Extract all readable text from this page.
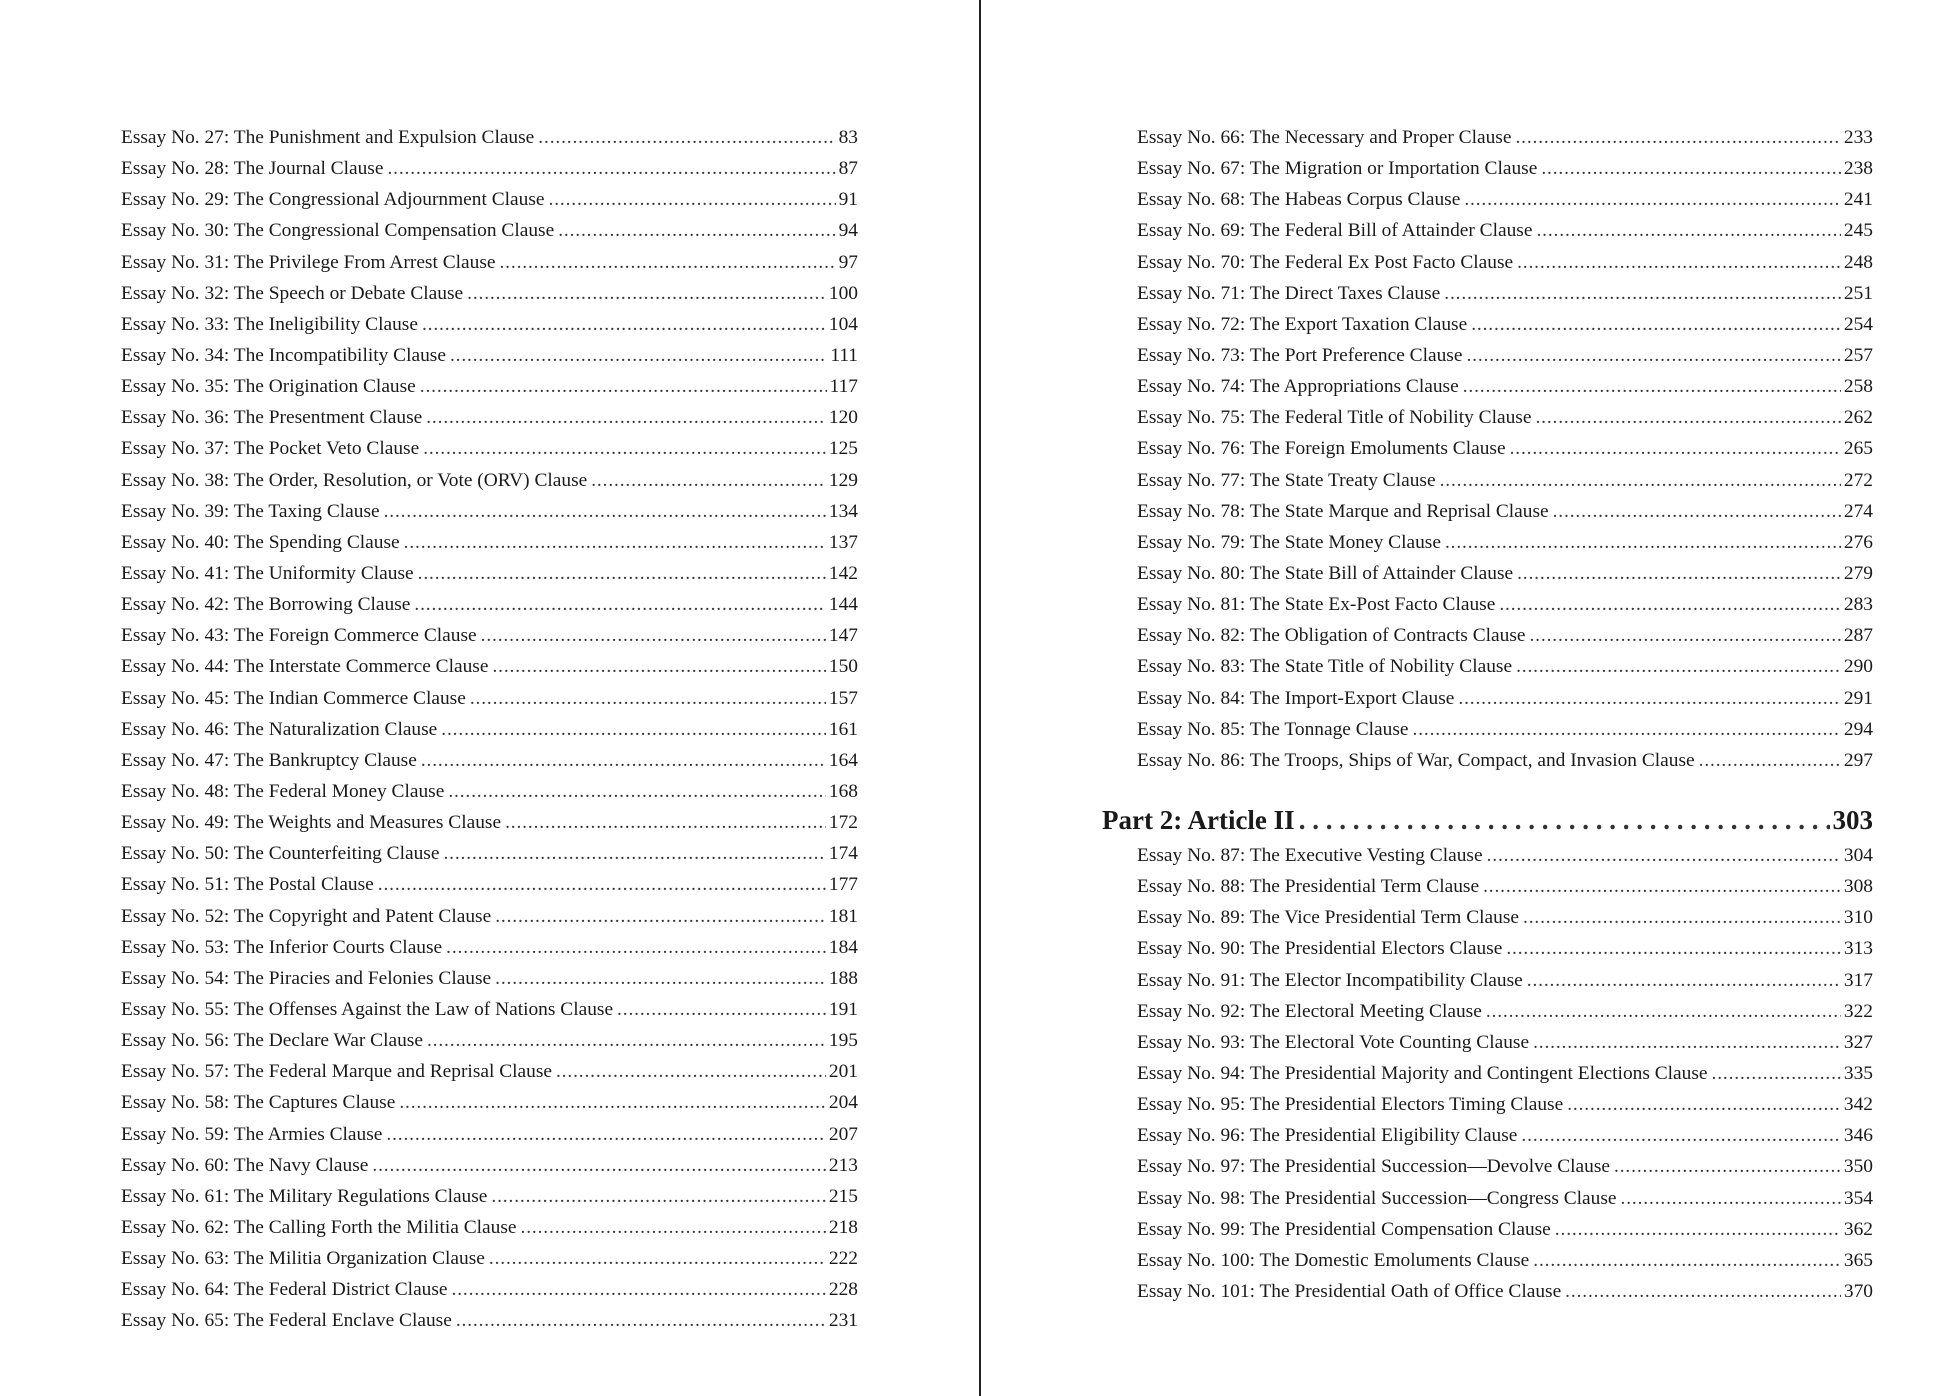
Essay No. 27: The Punishment and Expulsion Clause . . .	83
Essay No. 28: The Journal Clause . . .	87
Essay No. 29: The Congressional Adjournment Clause . . .	91
Essay No. 30: The Congressional Compensation Clause . . .	94
Essay No. 31: The Privilege From Arrest Clause . . .	97
Essay No. 32: The Speech or Debate Clause . . .	100
Essay No. 33: The Ineligibility Clause . . .	104
Essay No. 34: The Incompatibility Clause . . .	111
Essay No. 35: The Origination Clause . . .	117
Essay No. 36: The Presentment Clause . . .	120
Essay No. 37: The Pocket Veto Clause . . .	125
Essay No. 38: The Order, Resolution, or Vote (ORV) Clause . . .	129
Essay No. 39: The Taxing Clause . . .	134
Essay No. 40: The Spending Clause . . .	137
Essay No. 41: The Uniformity Clause . . .	142
Essay No. 42: The Borrowing Clause . . .	144
Essay No. 43: The Foreign Commerce Clause . . .	147
Essay No. 44: The Interstate Commerce Clause . . .	150
Essay No. 45: The Indian Commerce Clause . . .	157
Essay No. 46: The Naturalization Clause . . .	161
Essay No. 47: The Bankruptcy Clause . . .	164
Essay No. 48: The Federal Money Clause . . .	168
Essay No. 49: The Weights and Measures Clause . . .	172
Essay No. 50: The Counterfeiting Clause . . .	174
Essay No. 51: The Postal Clause . . .	177
Essay No. 52: The Copyright and Patent Clause . . .	181
Essay No. 53: The Inferior Courts Clause . . .	184
Essay No. 54: The Piracies and Felonies Clause . . .	188
Essay No. 55: The Offenses Against the Law of Nations Clause . . .	191
Essay No. 56: The Declare War Clause . . .	195
Essay No. 57: The Federal Marque and Reprisal Clause . . .	201
Essay No. 58: The Captures Clause . . .	204
Essay No. 59: The Armies Clause . . .	207
Essay No. 60: The Navy Clause . . .	213
Essay No. 61: The Military Regulations Clause . . .	215
Essay No. 62: The Calling Forth the Militia Clause . . .	218
Essay No. 63: The Militia Organization Clause . . .	222
Essay No. 64: The Federal District Clause . . .	228
Essay No. 65: The Federal Enclave Clause . . .	231
Essay No. 66: The Necessary and Proper Clause . . .	233
Essay No. 67: The Migration or Importation Clause . . .	238
Essay No. 68: The Habeas Corpus Clause . . .	241
Essay No. 69: The Federal Bill of Attainder Clause . . .	245
Essay No. 70: The Federal Ex Post Facto Clause . . .	248
Essay No. 71: The Direct Taxes Clause . . .	251
Essay No. 72: The Export Taxation Clause . . .	254
Essay No. 73: The Port Preference Clause . . .	257
Essay No. 74: The Appropriations Clause . . .	258
Essay No. 75: The Federal Title of Nobility Clause . . .	262
Essay No. 76: The Foreign Emoluments Clause . . .	265
Essay No. 77: The State Treaty Clause . . .	272
Essay No. 78: The State Marque and Reprisal Clause . . .	274
Essay No. 79: The State Money Clause . . .	276
Essay No. 80: The State Bill of Attainder Clause . . .	279
Essay No. 81: The State Ex-Post Facto Clause . . .	283
Essay No. 82: The Obligation of Contracts Clause . . .	287
Essay No. 83: The State Title of Nobility Clause . . .	290
Essay No. 84: The Import-Export Clause . . .	291
Essay No. 85: The Tonnage Clause . . .	294
Essay No. 86: The Troops, Ships of War, Compact, and Invasion Clause . . .	297
Part 2: Article II . . .	303
Essay No. 87: The Executive Vesting Clause . . .	304
Essay No. 88: The Presidential Term Clause . . .	308
Essay No. 89: The Vice Presidential Term Clause . . .	310
Essay No. 90: The Presidential Electors Clause . . .	313
Essay No. 91: The Elector Incompatibility Clause . . .	317
Essay No. 92: The Electoral Meeting Clause . . .	322
Essay No. 93: The Electoral Vote Counting Clause . . .	327
Essay No. 94: The Presidential Majority and Contingent Elections Clause . . .	335
Essay No. 95: The Presidential Electors Timing Clause . . .	342
Essay No. 96: The Presidential Eligibility Clause . . .	346
Essay No. 97: The Presidential Succession—Devolve Clause . . .	350
Essay No. 98: The Presidential Succession—Congress Clause . . .	354
Essay No. 99: The Presidential Compensation Clause . . .	362
Essay No. 100: The Domestic Emoluments Clause . . .	365
Essay No. 101: The Presidential Oath of Office Clause . . .	370
